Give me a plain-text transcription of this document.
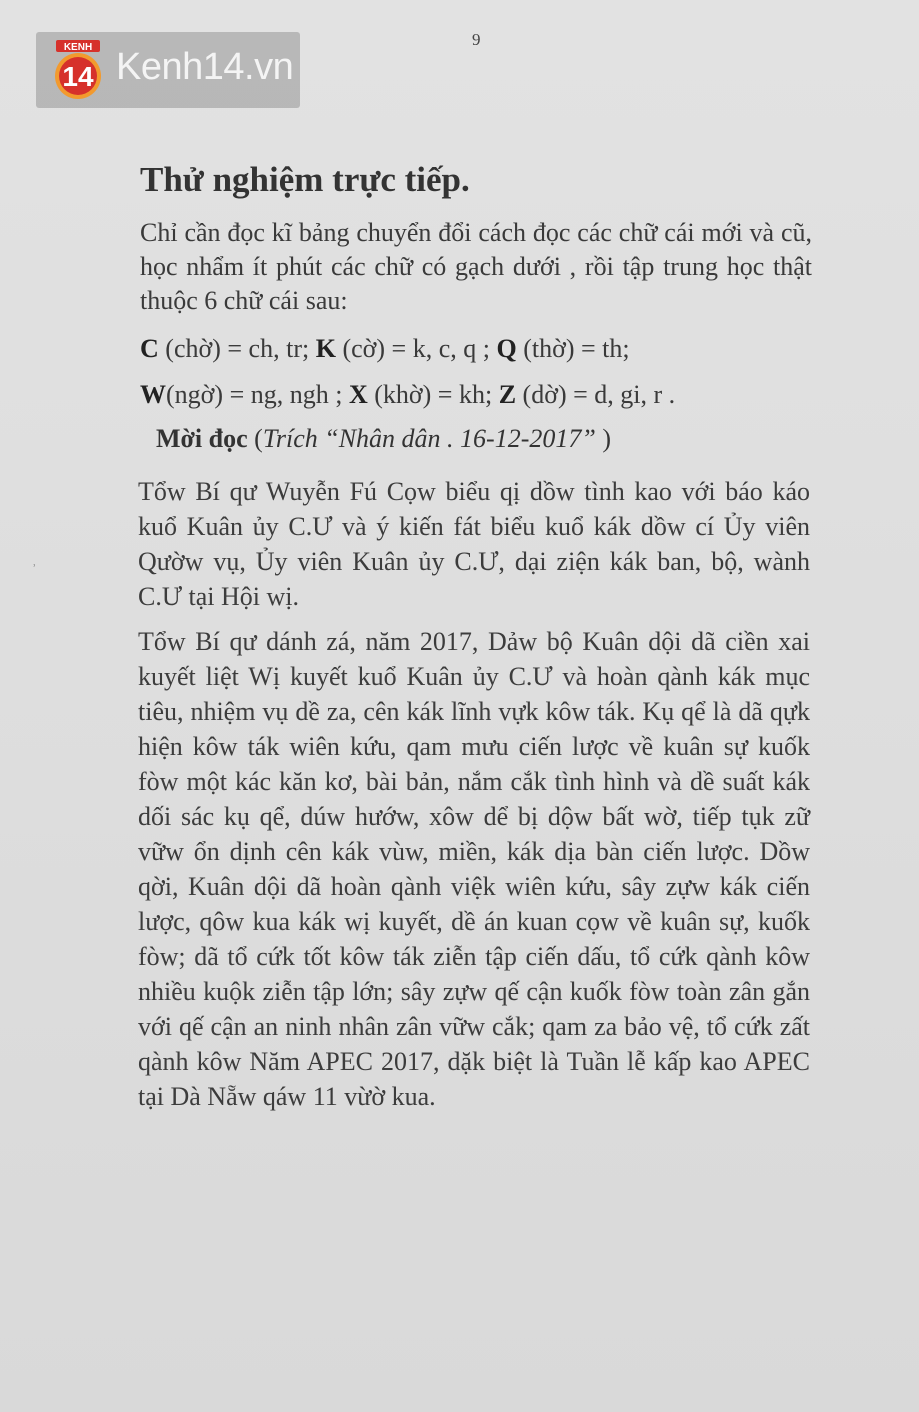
KENH
14 Kenh14.vn
9
Thử nghiệm trực tiếp.
Chỉ cần đọc kĩ bảng chuyển đổi cách đọc các chữ cái mới và cũ, học nhẩm ít phút các chữ có gạch dưới , rồi tập trung học thật thuộc 6 chữ cái sau:
C (chờ) = ch, tr; K (cờ) = k, c, q ; Q (thờ) = th;
W(ngờ) = ng, ngh ; X (khờ) = kh; Z (dờ) = d, gi, r .
Mời đọc (Trích “Nhân dân . 16-12-2017” )
Tổw Bí qư Wuyễn Fú Cọw biểu qị dồw tình kao với báo káo kuổ Kuân ủy C.Ư và ý kiến fát biểu kuổ kák dồw cí Ủy viên Qườw vụ, Ủy viên Kuân ủy C.Ư, dại ziện kák ban, bộ, wành C.Ư tại Hội wị.
Tổw Bí qư dánh zá, năm 2017, Dảw bộ Kuân dội dã ciền xai kuyết liệt Wị kuyết kuổ Kuân ủy C.Ư và hoàn qành kák mục tiêu, nhiệm vụ dề za, cên kák lĩnh vựk kôw ták. Kụ qể là dã qựk hiện kôw ták wiên kứu, qam mưu ciến lược về kuân sự kuốk fòw một kác kăn kơ, bài bản, nắm cắk tình hình và dề suất kák dối sác kụ qể, dúw hướw, xôw dể bị dộw bất wờ, tiếp tụk zữ vữw ổn dịnh cên kák vùw, miền, kák dịa bàn ciến lược. Dồw qời, Kuân dội dã hoàn qành việk wiên kứu, sây zựw kák ciến lược, qôw kua kák wị kuyết, dề án kuan cọw về kuân sự, kuốk fòw; dã tổ cứk tốt kôw ták ziễn tập ciến dấu, tổ cứk qành kôw nhiều kuộk ziễn tập lớn; sây zựw qế cận kuốk fòw toàn zân gắn với qế cận an ninh nhân zân vữw cắk; qam za bảo vệ, tổ cứk zất qành kôw Năm APEC 2017, dặk biệt là Tuần lễ kấp kao APEC tại Dà Nẵw qáw 11 vừờ kua.
˒
